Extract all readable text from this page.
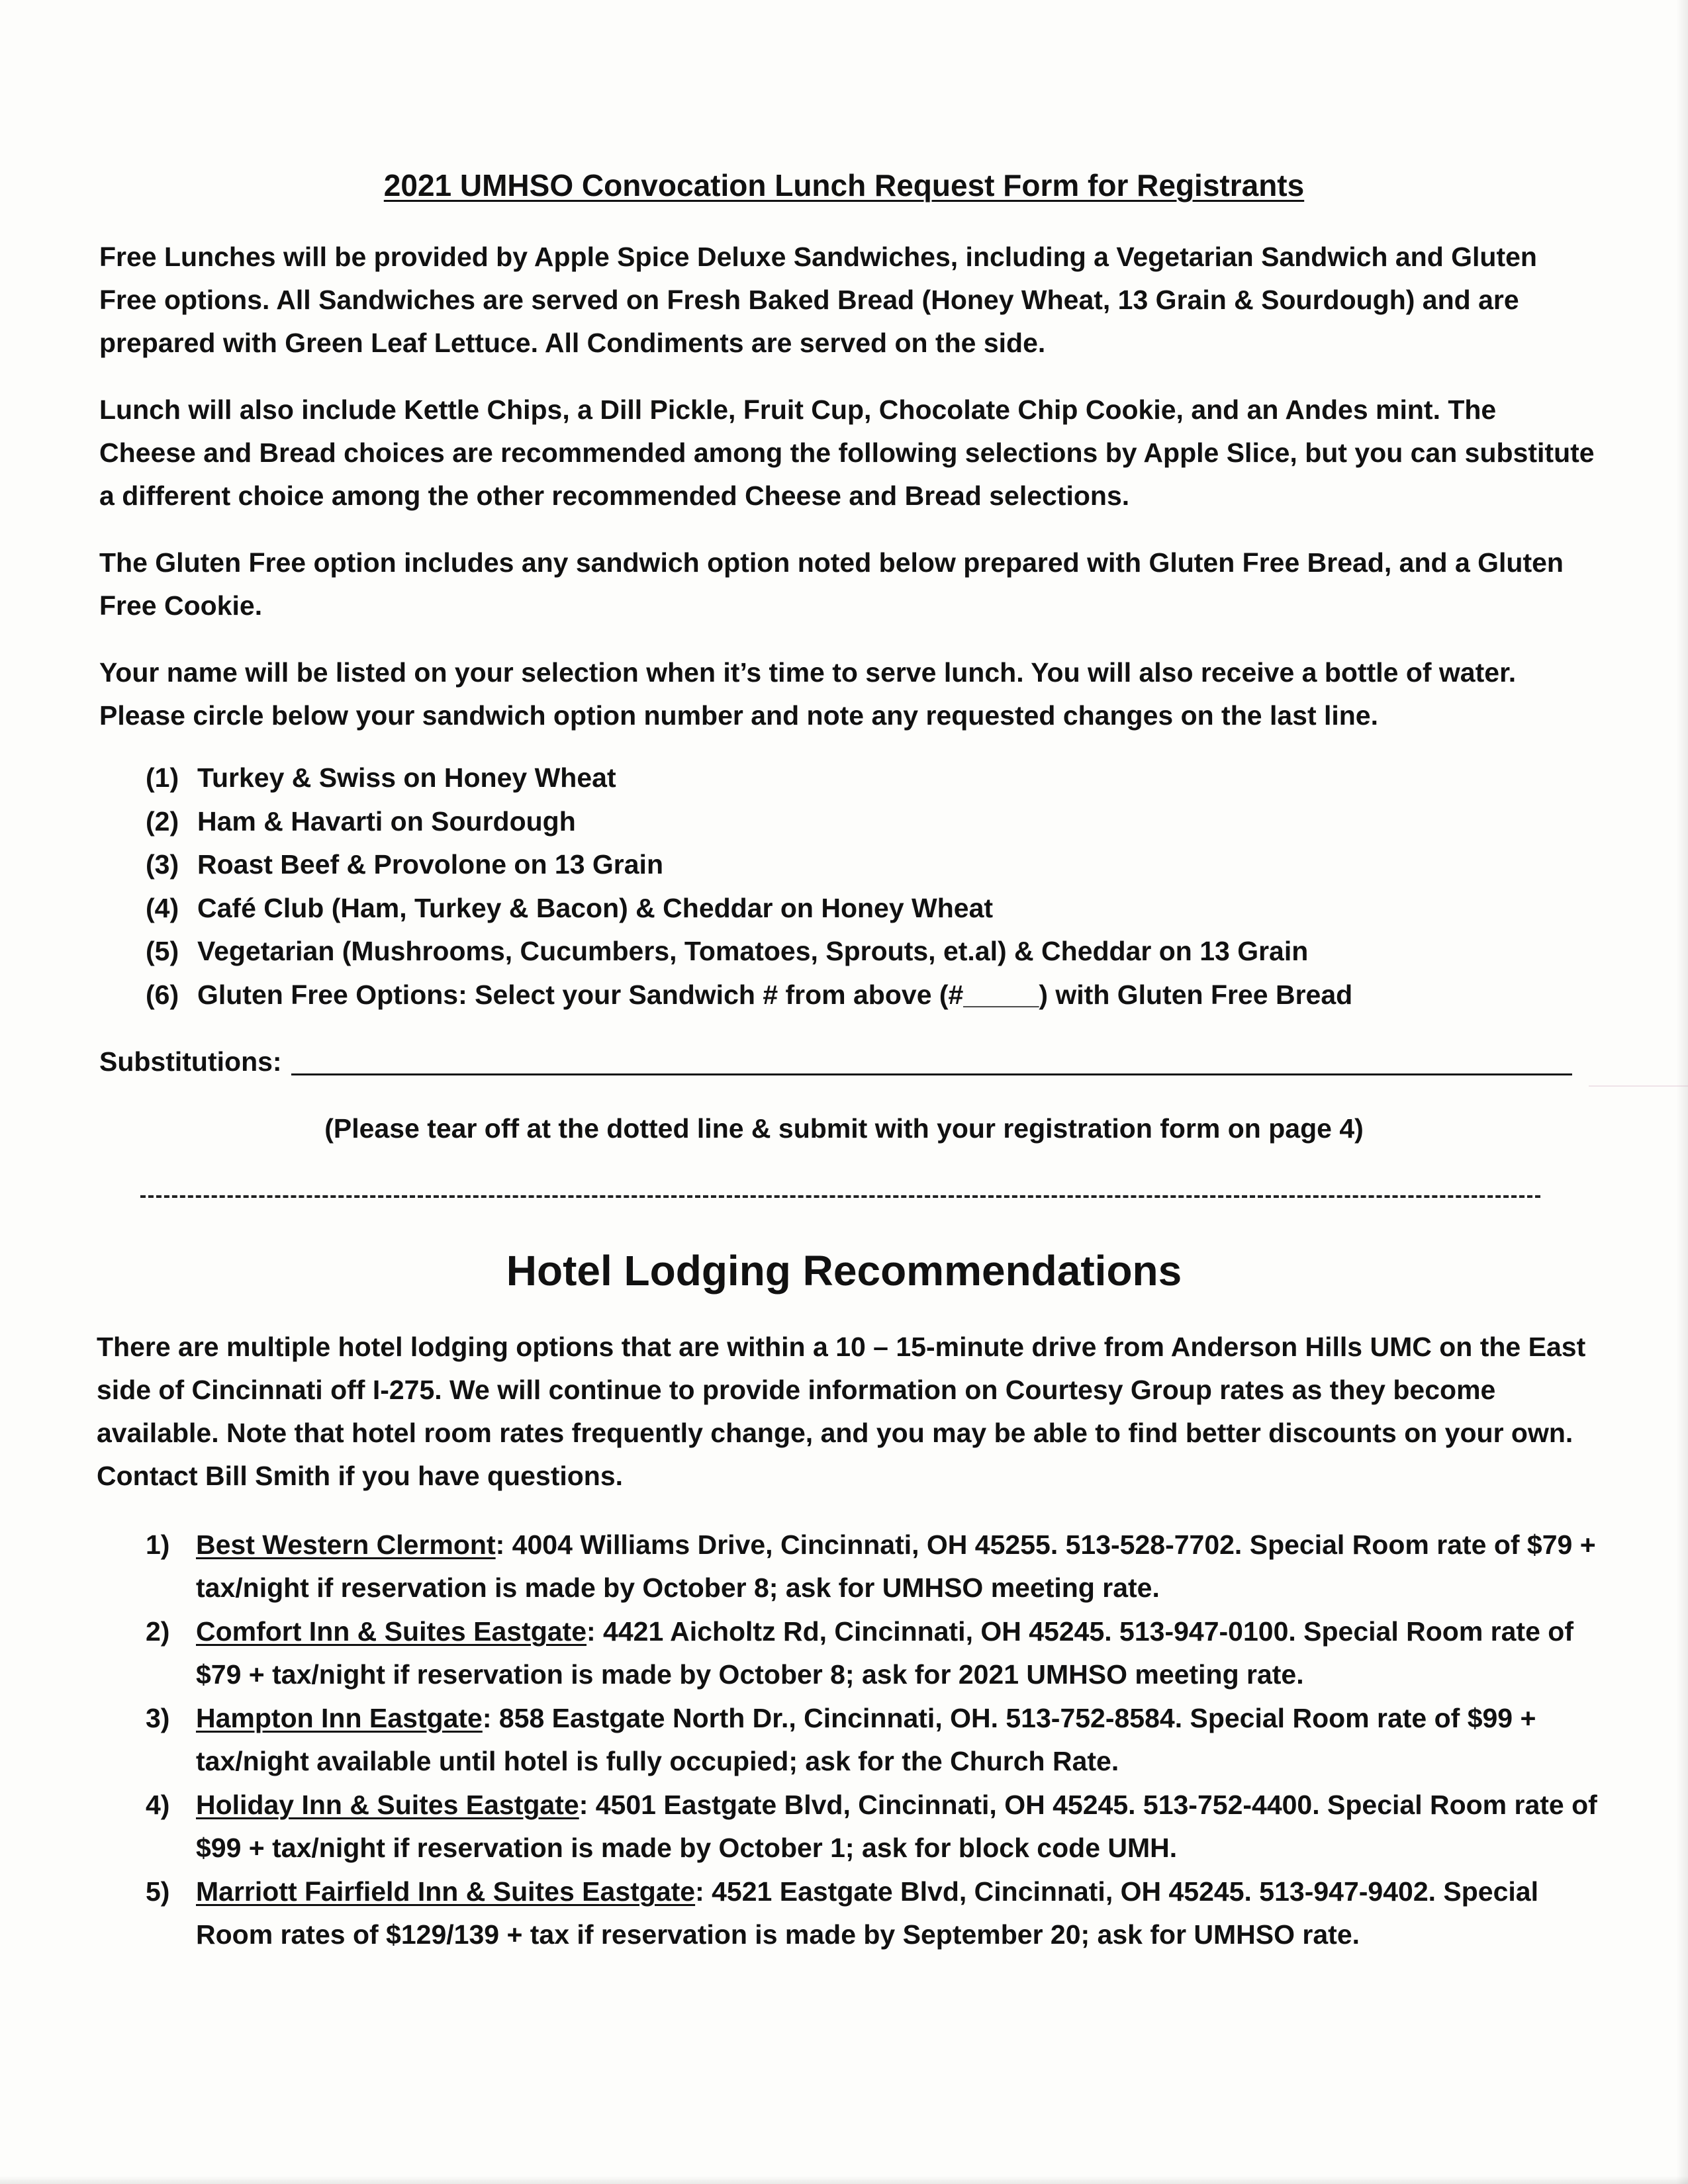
2021 UMHSO Convocation Lunch Request Form for Registrants

Free Lunches will be provided by Apple Spice Deluxe Sandwiches, including a Vegetarian Sandwich and Gluten Free options. All Sandwiches are served on Fresh Baked Bread (Honey Wheat, 13 Grain & Sourdough) and are prepared with Green Leaf Lettuce. All Condiments are served on the side.

Lunch will also include Kettle Chips, a Dill Pickle, Fruit Cup, Chocolate Chip Cookie, and an Andes mint. The Cheese and Bread choices are recommended among the following selections by Apple Slice, but you can substitute a different choice among the other recommended Cheese and Bread selections.

The Gluten Free option includes any sandwich option noted below prepared with Gluten Free Bread, and a Gluten Free Cookie.

Your name will be listed on your selection when it’s time to serve lunch. You will also receive a bottle of water. Please circle below your sandwich option number and note any requested changes on the last line.

(1) Turkey & Swiss on Honey Wheat
(2) Ham & Havarti on Sourdough
(3) Roast Beef & Provolone on 13 Grain
(4) Café Club (Ham, Turkey & Bacon) & Cheddar on Honey Wheat
(5) Vegetarian (Mushrooms, Cucumbers, Tomatoes, Sprouts, et.al) & Cheddar on 13 Grain
(6) Gluten Free Options: Select your Sandwich # from above (#_____) with Gluten Free Bread
Substitutions:
(Please tear off at the dotted line & submit with your registration form on page 4)
Hotel Lodging Recommendations

There are multiple hotel lodging options that are within a 10 – 15-minute drive from Anderson Hills UMC on the East side of Cincinnati off I-275. We will continue to provide information on Courtesy Group rates as they become available. Note that hotel room rates frequently change, and you may be able to find better discounts on your own. Contact Bill Smith if you have questions.

1) Best Western Clermont: 4004 Williams Drive, Cincinnati, OH 45255. 513-528-7702. Special Room rate of $79 + tax/night if reservation is made by October 8; ask for UMHSO meeting rate.
2) Comfort Inn & Suites Eastgate: 4421 Aicholtz Rd, Cincinnati, OH 45245. 513-947-0100. Special Room rate of $79 + tax/night if reservation is made by October 8; ask for 2021 UMHSO meeting rate.
3) Hampton Inn Eastgate: 858 Eastgate North Dr., Cincinnati, OH. 513-752-8584. Special Room rate of $99 + tax/night available until hotel is fully occupied; ask for the Church Rate.
4) Holiday Inn & Suites Eastgate: 4501 Eastgate Blvd, Cincinnati, OH 45245. 513-752-4400. Special Room rate of $99 + tax/night if reservation is made by October 1; ask for block code UMH.
5) Marriott Fairfield Inn & Suites Eastgate: 4521 Eastgate Blvd, Cincinnati, OH 45245. 513-947-9402. Special Room rates of $129/139 + tax if reservation is made by September 20; ask for UMHSO rate.
